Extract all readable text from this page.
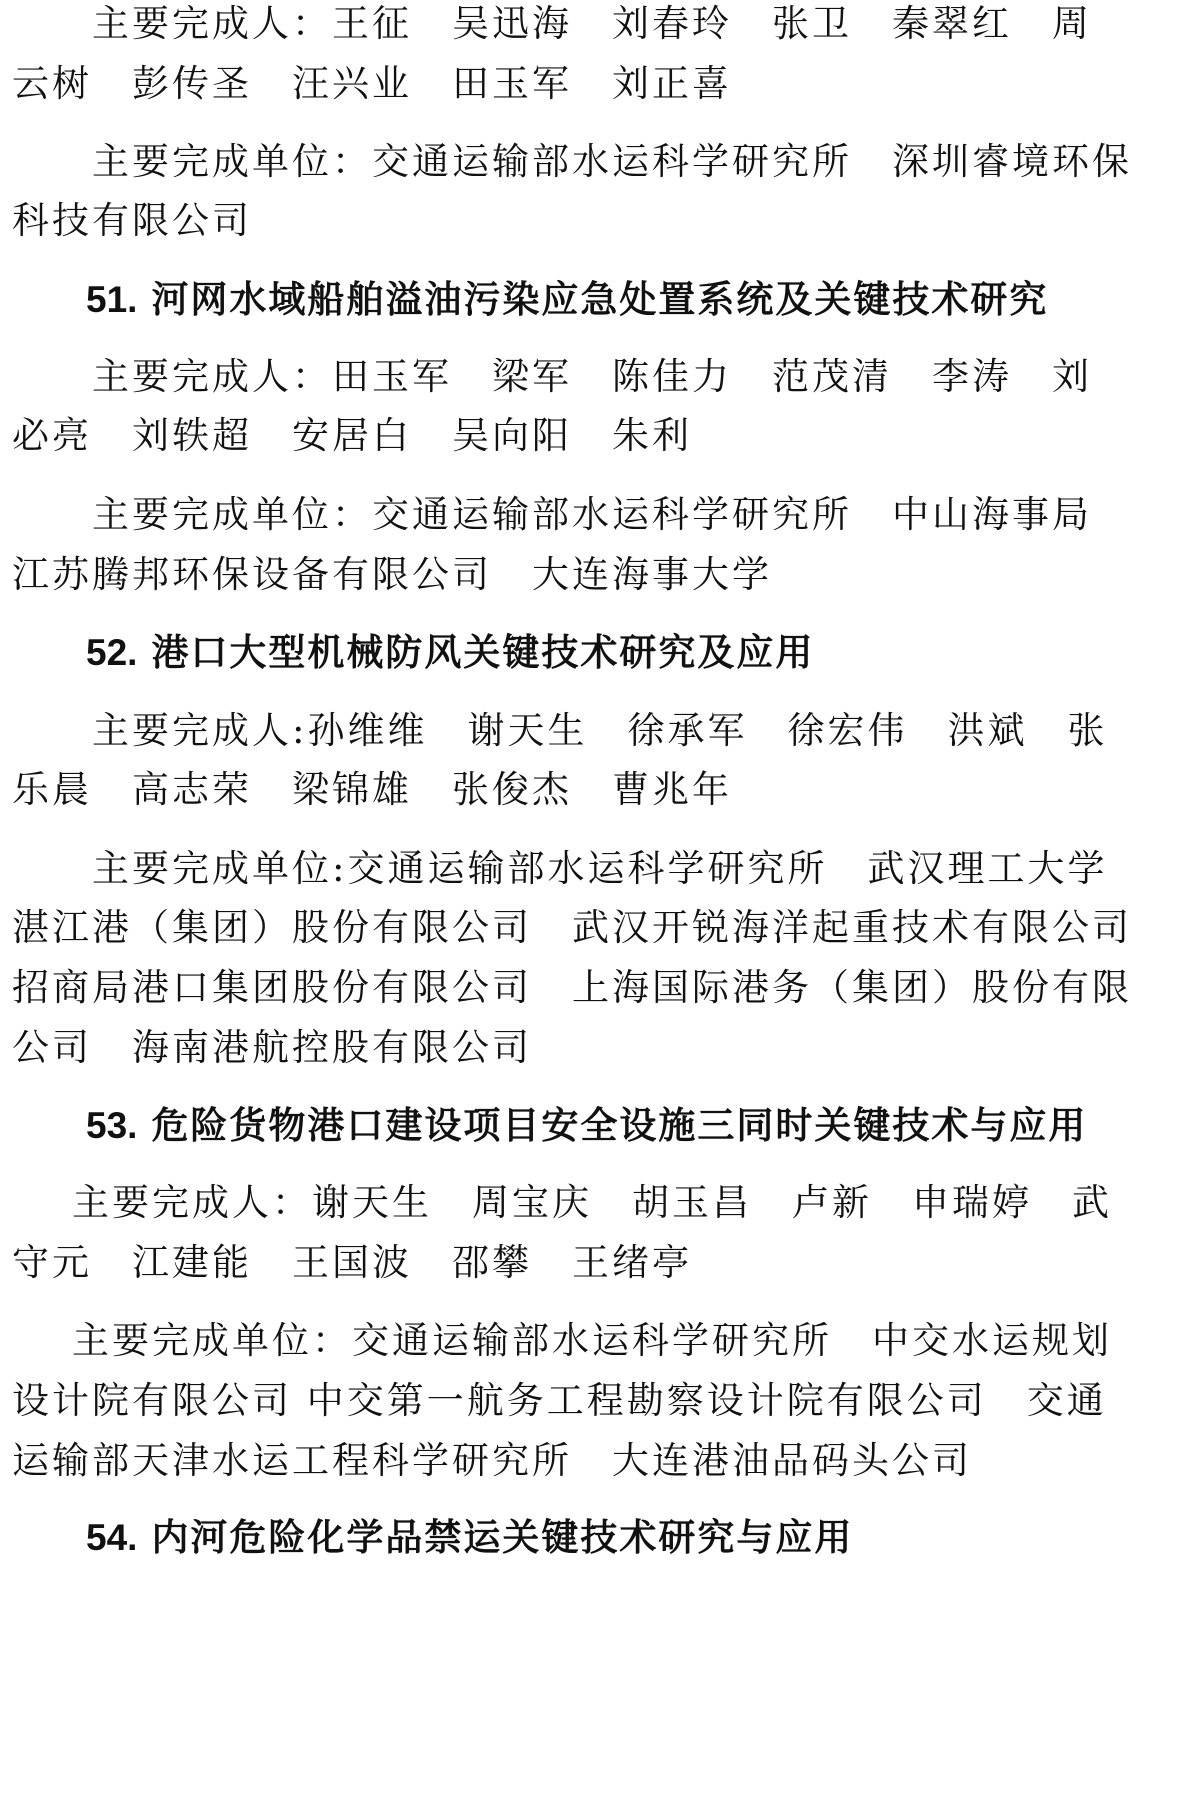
主要完成人：王征　吴迅海　刘春玲　张卫　秦翠红　周
云树　彭传圣　汪兴业　田玉军　刘正喜
主要完成单位：交通运输部水运科学研究所　深圳睿境环保
科技有限公司
51. 河网水域船舶溢油污染应急处置系统及关键技术研究
主要完成人：田玉军　梁军　陈佳力　范茂清　李涛　刘
必亮　刘轶超　安居白　吴向阳　朱利
主要完成单位：交通运输部水运科学研究所　中山海事局
江苏腾邦环保设备有限公司　大连海事大学
52. 港口大型机械防风关键技术研究及应用
主要完成人:孙维维　谢天生　徐承军　徐宏伟　洪斌　张
乐晨　高志荣　梁锦雄　张俊杰　曹兆年
主要完成单位:交通运输部水运科学研究所　武汉理工大学
湛江港（集团）股份有限公司　武汉开锐海洋起重技术有限公司
招商局港口集团股份有限公司　上海国际港务（集团）股份有限
公司　海南港航控股有限公司
53. 危险货物港口建设项目安全设施三同时关键技术与应用
主要完成人：谢天生　周宝庆　胡玉昌　卢新　申瑞婷　武
守元　江建能　王国波　邵攀　王绪亭
主要完成单位：交通运输部水运科学研究所　中交水运规划
设计院有限公司 中交第一航务工程勘察设计院有限公司　交通
运输部天津水运工程科学研究所　大连港油品码头公司
54. 内河危险化学品禁运关键技术研究与应用
